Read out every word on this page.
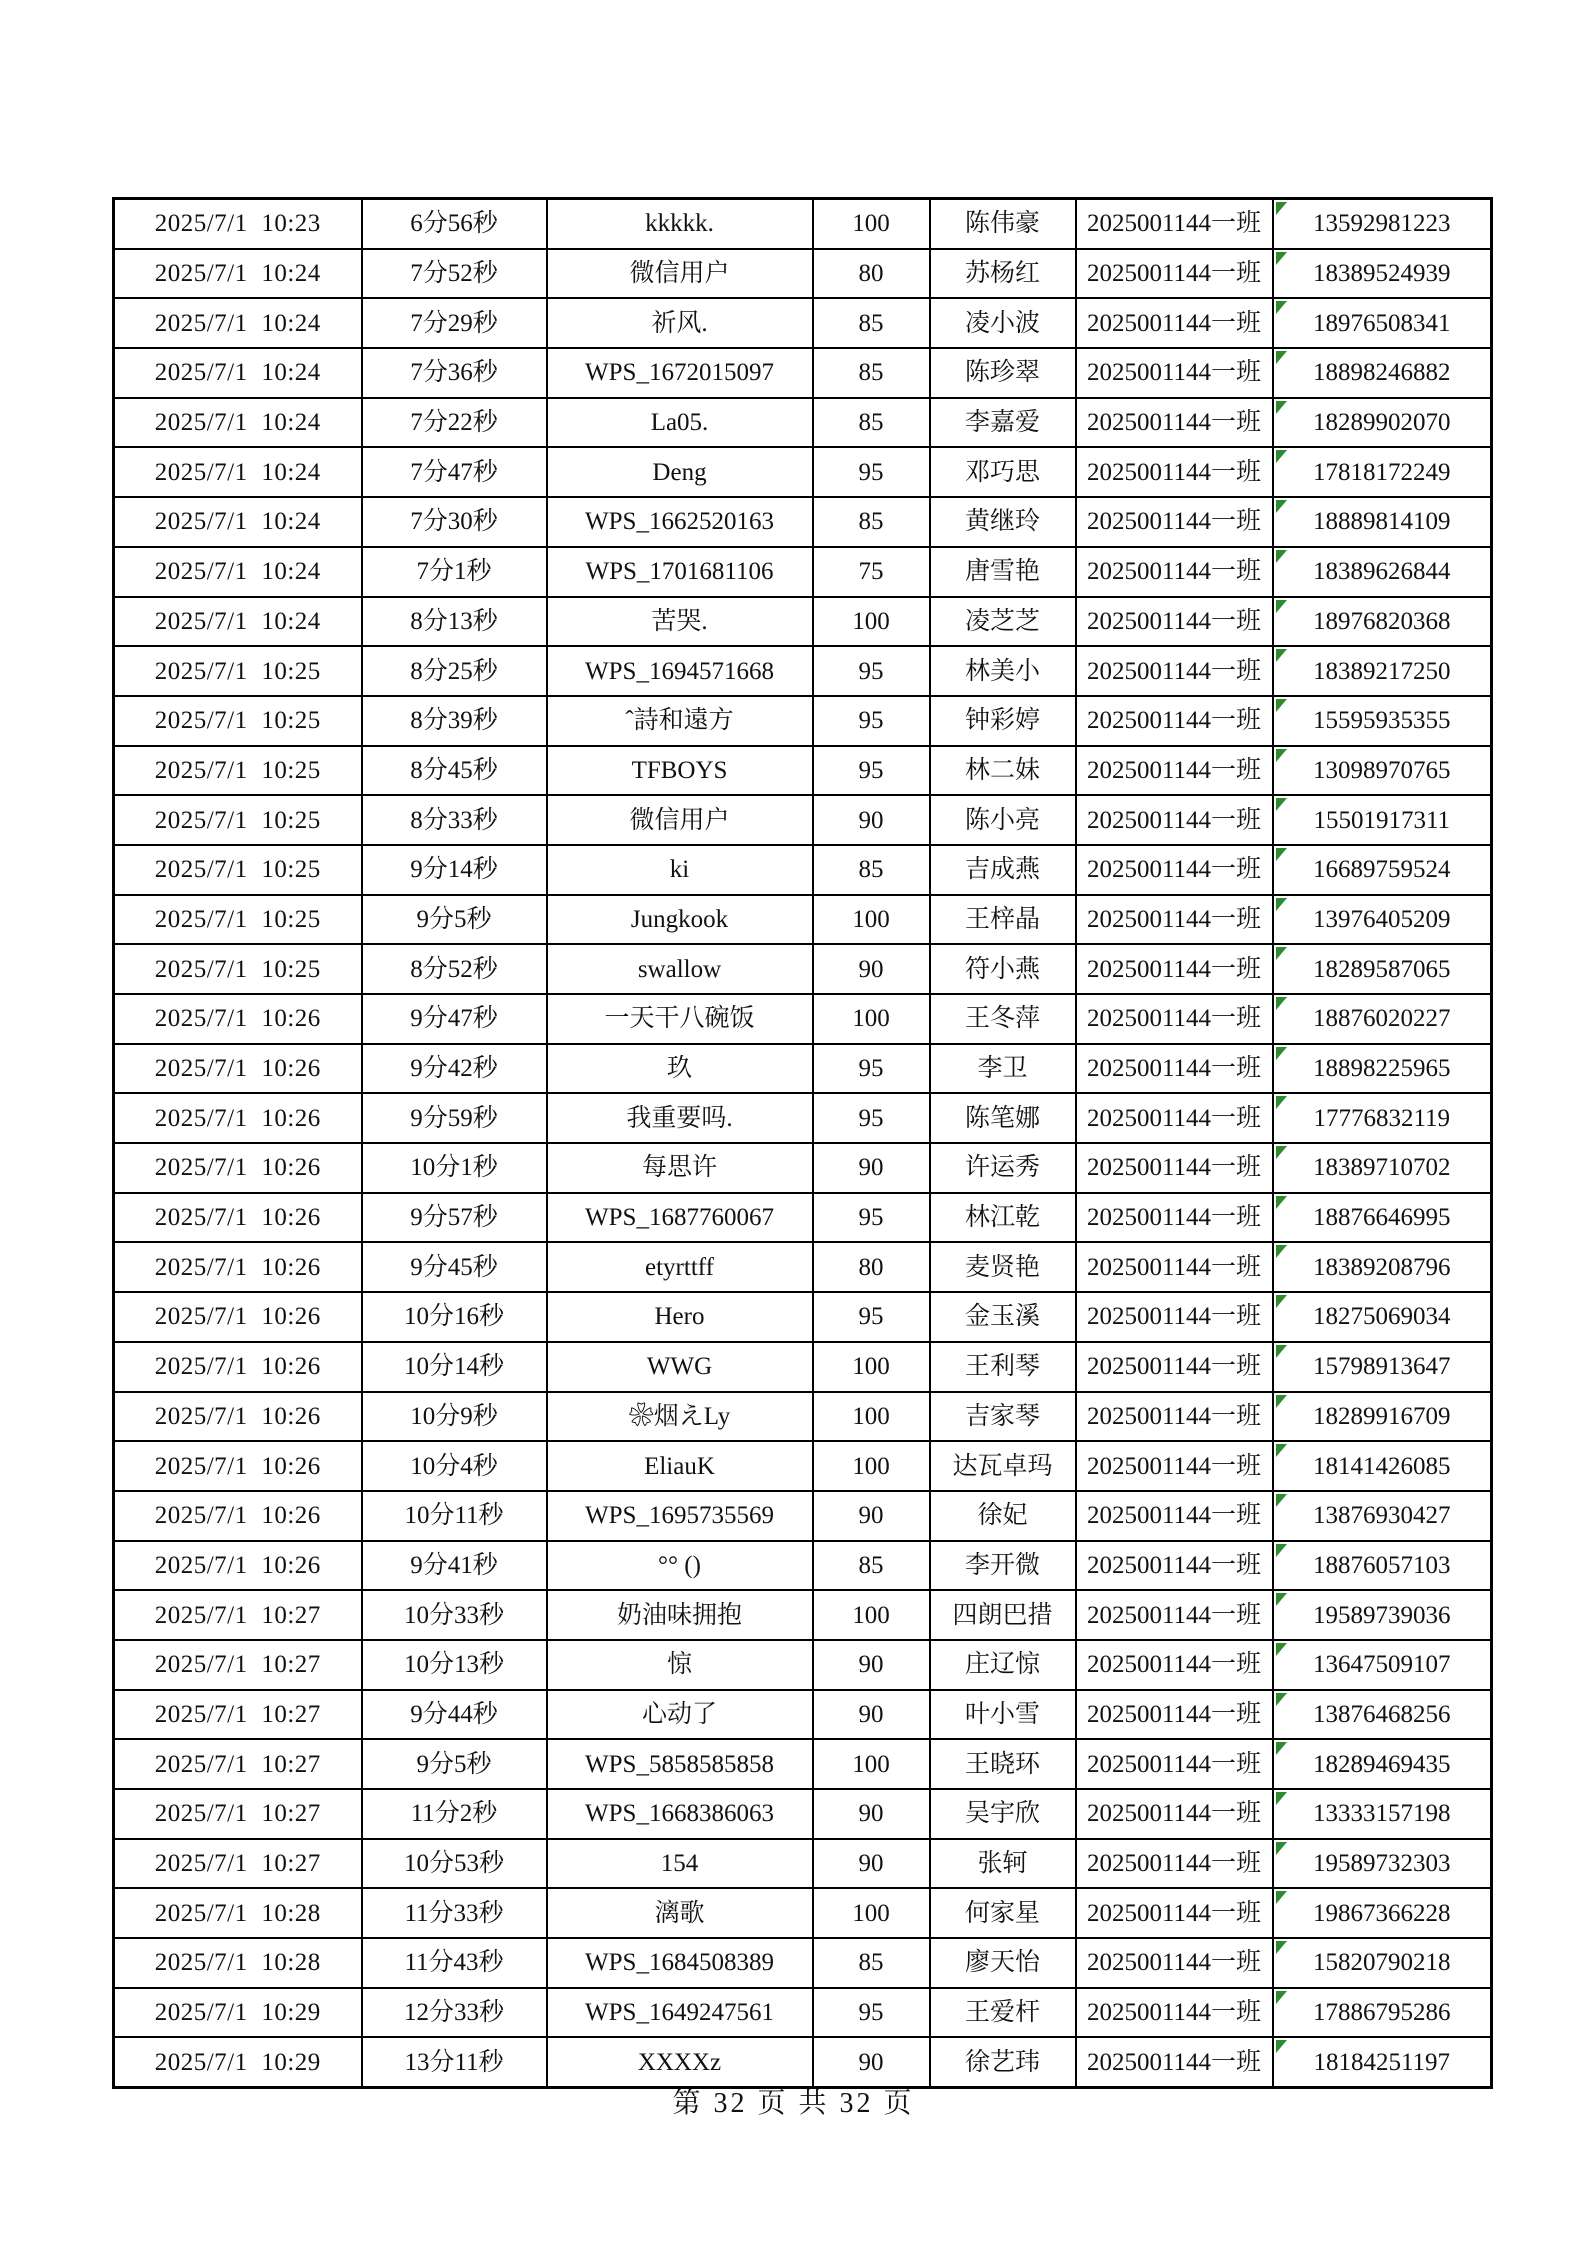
2025/7/1 10:23	6分56秒	kkkkk.	100	陈伟豪	2025001144一班	13592981223
2025/7/1 10:24	7分52秒	微信用户	80	苏杨红	2025001144一班	18389524939
2025/7/1 10:24	7分29秒	祈风.	85	凌小波	2025001144一班	18976508341
2025/7/1 10:24	7分36秒	WPS_1672015097	85	陈珍翠	2025001144一班	18898246882
2025/7/1 10:24	7分22秒	La05.	85	李嘉爱	2025001144一班	18289902070
2025/7/1 10:24	7分47秒	Deng	95	邓巧思	2025001144一班	17818172249
2025/7/1 10:24	7分30秒	WPS_1662520163	85	黄继玲	2025001144一班	18889814109
2025/7/1 10:24	7分1秒	WPS_1701681106	75	唐雪艳	2025001144一班	18389626844
2025/7/1 10:24	8分13秒	苦哭.	100	凌芝芝	2025001144一班	18976820368
2025/7/1 10:25	8分25秒	WPS_1694571668	95	林美小	2025001144一班	18389217250
2025/7/1 10:25	8分39秒	ˆ詩和遠方	95	钟彩婷	2025001144一班	15595935355
2025/7/1 10:25	8分45秒	TFBOYS	95	林二妹	2025001144一班	13098970765
2025/7/1 10:25	8分33秒	微信用户	90	陈小亮	2025001144一班	15501917311
2025/7/1 10:25	9分14秒	ki	85	吉成燕	2025001144一班	16689759524
2025/7/1 10:25	9分5秒	Jungkook	100	王梓晶	2025001144一班	13976405209
2025/7/1 10:25	8分52秒	swallow	90	符小燕	2025001144一班	18289587065
2025/7/1 10:26	9分47秒	一天干八碗饭	100	王冬萍	2025001144一班	18876020227
2025/7/1 10:26	9分42秒	玖	95	李卫	2025001144一班	18898225965
2025/7/1 10:26	9分59秒	我重要吗.	95	陈笔娜	2025001144一班	17776832119
2025/7/1 10:26	10分1秒	每思许	90	许运秀	2025001144一班	18389710702
2025/7/1 10:26	9分57秒	WPS_1687760067	95	林江乾	2025001144一班	18876646995
2025/7/1 10:26	9分45秒	etyrttff	80	麦贤艳	2025001144一班	18389208796
2025/7/1 10:26	10分16秒	Hero	95	金玉溪	2025001144一班	18275069034
2025/7/1 10:26	10分14秒	WWG	100	王利琴	2025001144一班	15798913647
2025/7/1 10:26	10分9秒	❀烟えLy	100	吉家琴	2025001144一班	18289916709
2025/7/1 10:26	10分4秒	EliauK	100	达瓦卓玛	2025001144一班	18141426085
2025/7/1 10:26	10分11秒	WPS_1695735569	90	徐妃	2025001144一班	13876930427
2025/7/1 10:26	9分41秒	°° ()	85	李开微	2025001144一班	18876057103
2025/7/1 10:27	10分33秒	奶油味拥抱	100	四朗巴措	2025001144一班	19589739036
2025/7/1 10:27	10分13秒	惊	90	庄辽惊	2025001144一班	13647509107
2025/7/1 10:27	9分44秒	心动了	90	叶小雪	2025001144一班	13876468256
2025/7/1 10:27	9分5秒	WPS_5858585858	100	王晓环	2025001144一班	18289469435
2025/7/1 10:27	11分2秒	WPS_1668386063	90	吴宇欣	2025001144一班	13333157198
2025/7/1 10:27	10分53秒	154	90	张轲	2025001144一班	19589732303
2025/7/1 10:28	11分33秒	漓歌	100	何家星	2025001144一班	19867366228
2025/7/1 10:28	11分43秒	WPS_1684508389	85	廖天怡	2025001144一班	15820790218
2025/7/1 10:29	12分33秒	WPS_1649247561	95	王爱杆	2025001144一班	17886795286
2025/7/1 10:29	13分11秒	XXXXz	90	徐艺玮	2025001144一班	18184251197
第 32 页 共 32 页
